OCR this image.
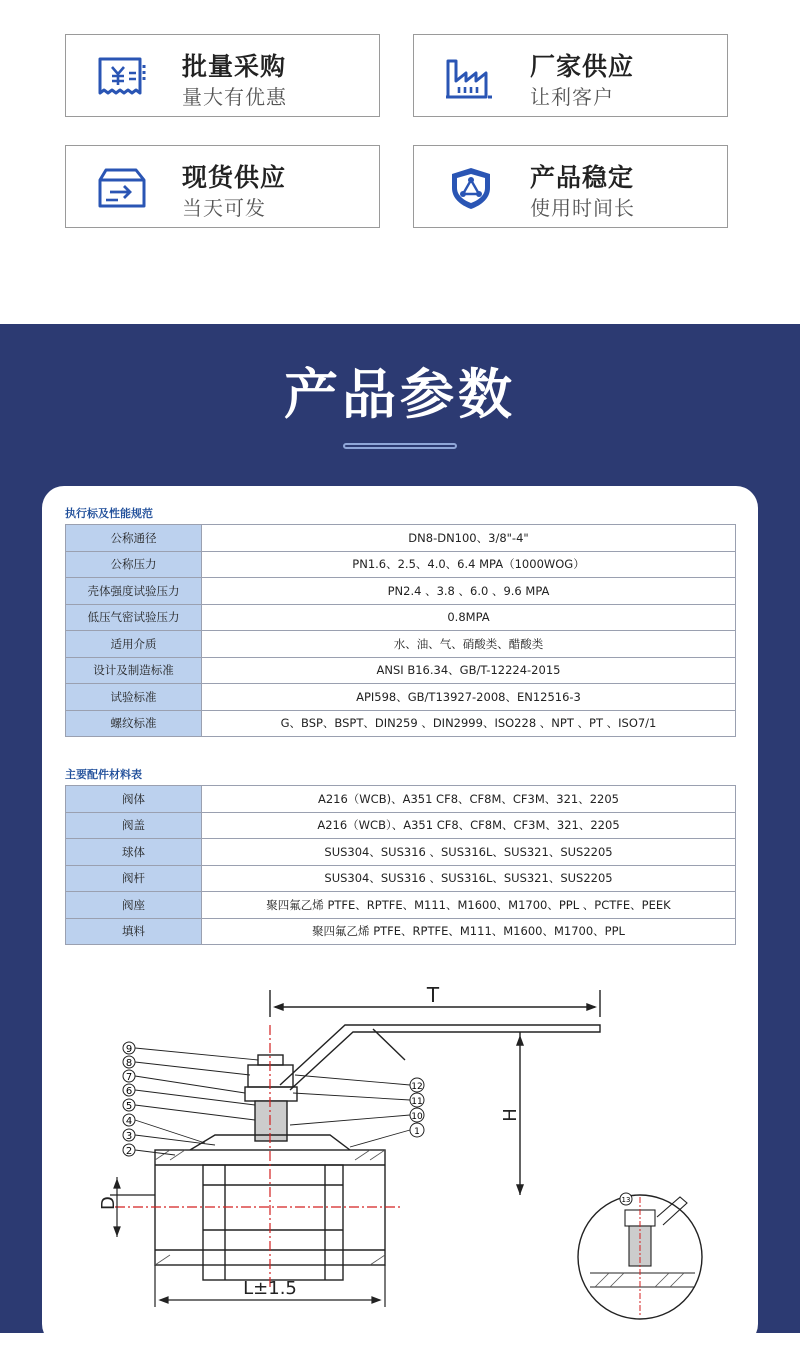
批量采购
量大有优惠
厂家供应
让利客户
现货供应
当天可发
产品稳定
使用时间长
产品参数
执行标及性能规范
公称通径	DN8-DN100、3/8"-4"
公称压力	PN1.6、2.5、4.0、6.4 MPA（1000WOG）
壳体强度试验压力	PN2.4 、3.8 、6.0 、9.6 MPA
低压气密试验压力	0.8MPA
适用介质	水、油、气、硝酸类、醋酸类
设计及制造标准	ANSI B16.34、GB/T-12224-2015
试验标准	API598、GB/T13927-2008、EN12516-3
螺纹标准	G、BSP、BSPT、DIN259 、DIN2999、ISO228 、NPT 、PT 、ISO7/1
主要配件材料表
阀体	A216（WCB)、A351 CF8、CF8M、CF3M、321、2205
阀盖	A216（WCB）、A351 CF8、CF8M、CF3M、321、2205
球体	SUS304、SUS316 、SUS316L、SUS321、SUS2205
阀杆	SUS304、SUS316 、SUS316L、SUS321、SUS2205
阀座	聚四氟乙烯 PTFE、RPTFE、M111、M1600、M1700、PPL 、PCTFE、PEEK
填料	聚四氟乙烯 PTFE、RPTFE、M111、M1600、M1700、PPL
9
8
7
6
5
4
3
2
12
11
10
1
T
H
D
L±1.5
13
